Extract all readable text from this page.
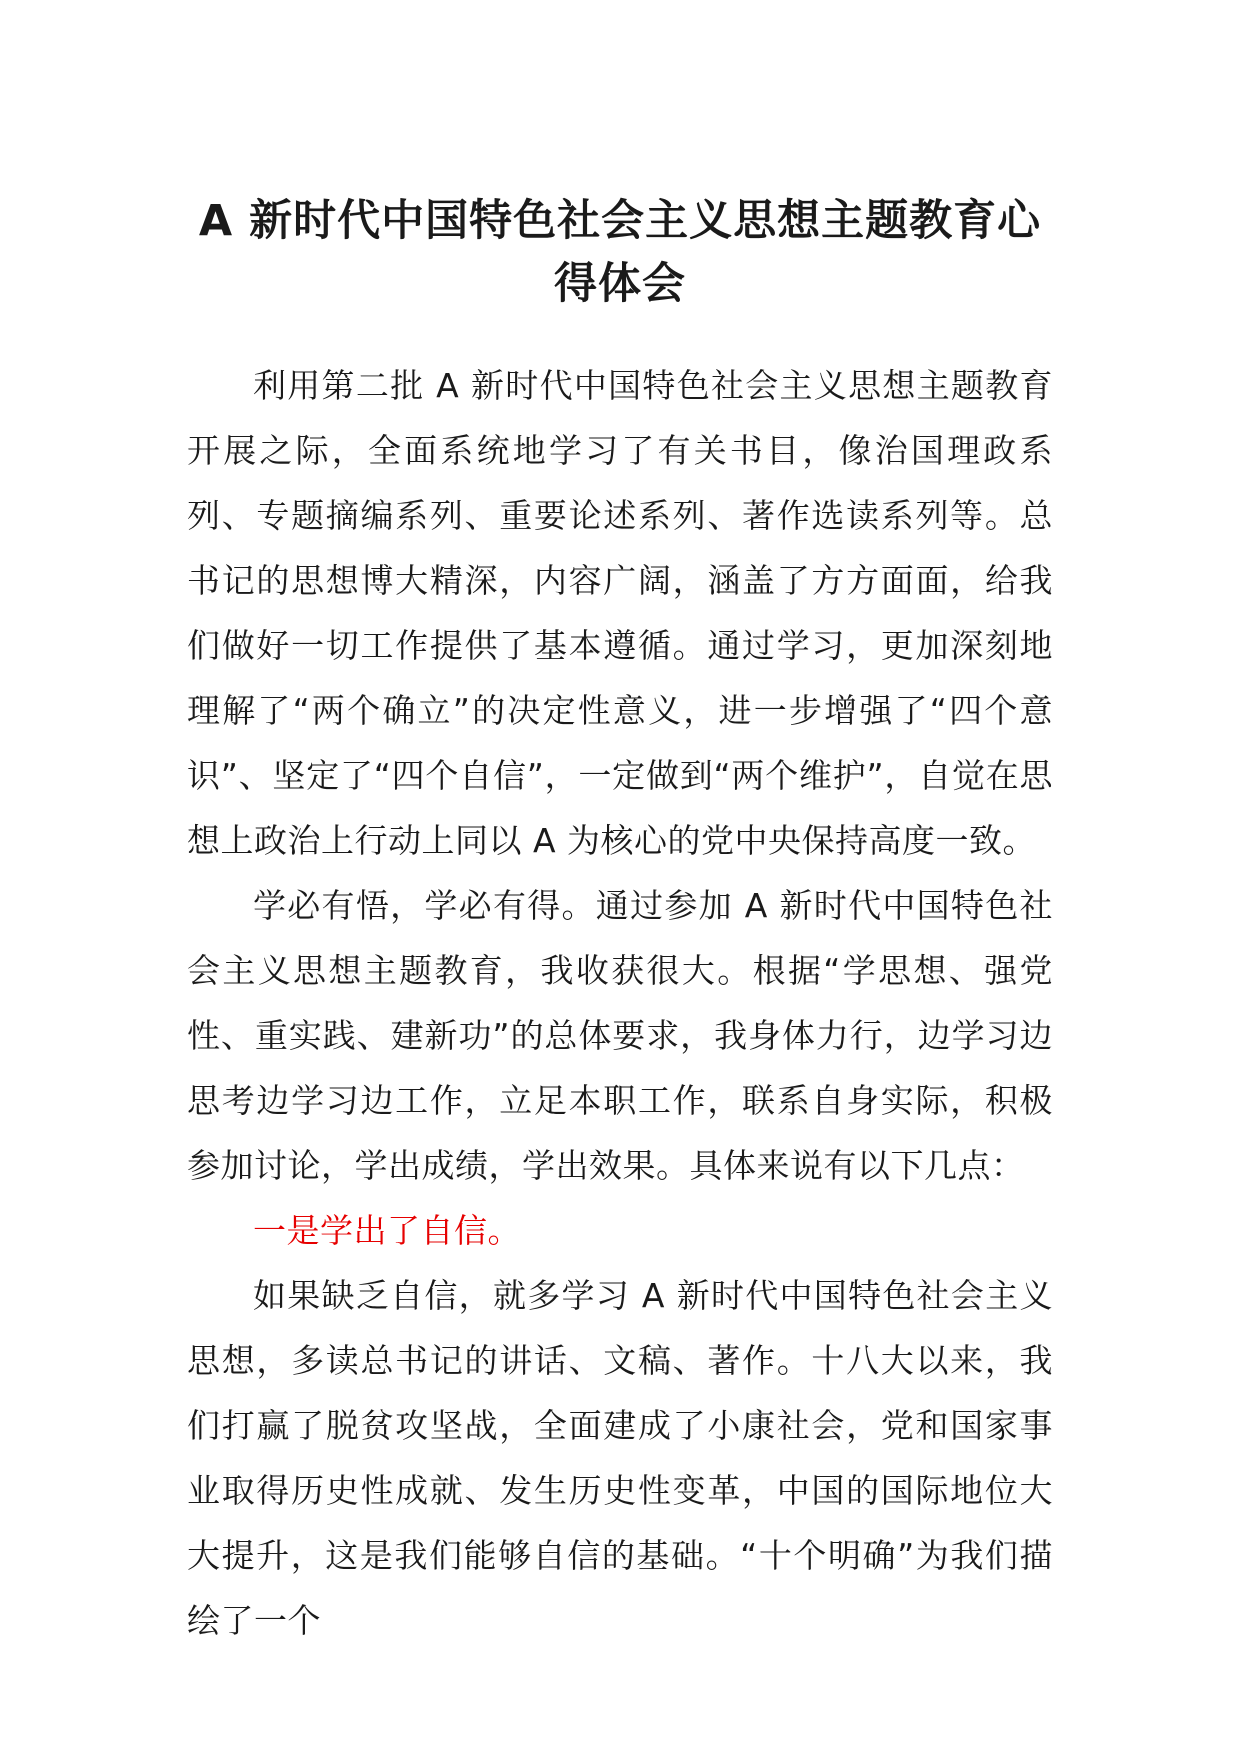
A 新时代中国特色社会主义思想主题教育心得体会

利用第二批 A 新时代中国特色社会主义思想主题教育开展之际，全面系统地学习了有关书目，像治国理政系列、专题摘编系列、重要论述系列、著作选读系列等。总书记的思想博大精深，内容广阔，涵盖了方方面面，给我们做好一切工作提供了基本遵循。通过学习，更加深刻地理解了“两个确立”的决定性意义，进一步增强了“四个意识”、坚定了“四个自信”，一定做到“两个维护”，自觉在思想上政治上行动上同以 A 为核心的党中央保持高度一致。

学必有悟，学必有得。通过参加 A 新时代中国特色社会主义思想主题教育，我收获很大。根据“学思想、强党性、重实践、建新功”的总体要求，我身体力行，边学习边思考边学习边工作，立足本职工作，联系自身实际，积极参加讨论，学出成绩，学出效果。具体来说有以下几点：

一是学出了自信。

如果缺乏自信，就多学习 A 新时代中国特色社会主义思想，多读总书记的讲话、文稿、著作。十八大以来，我们打赢了脱贫攻坚战，全面建成了小康社会，党和国家事业取得历史性成就、发生历史性变革，中国的国际地位大大提升，这是我们能够自信的基础。“十个明确”为我们描绘了一个
